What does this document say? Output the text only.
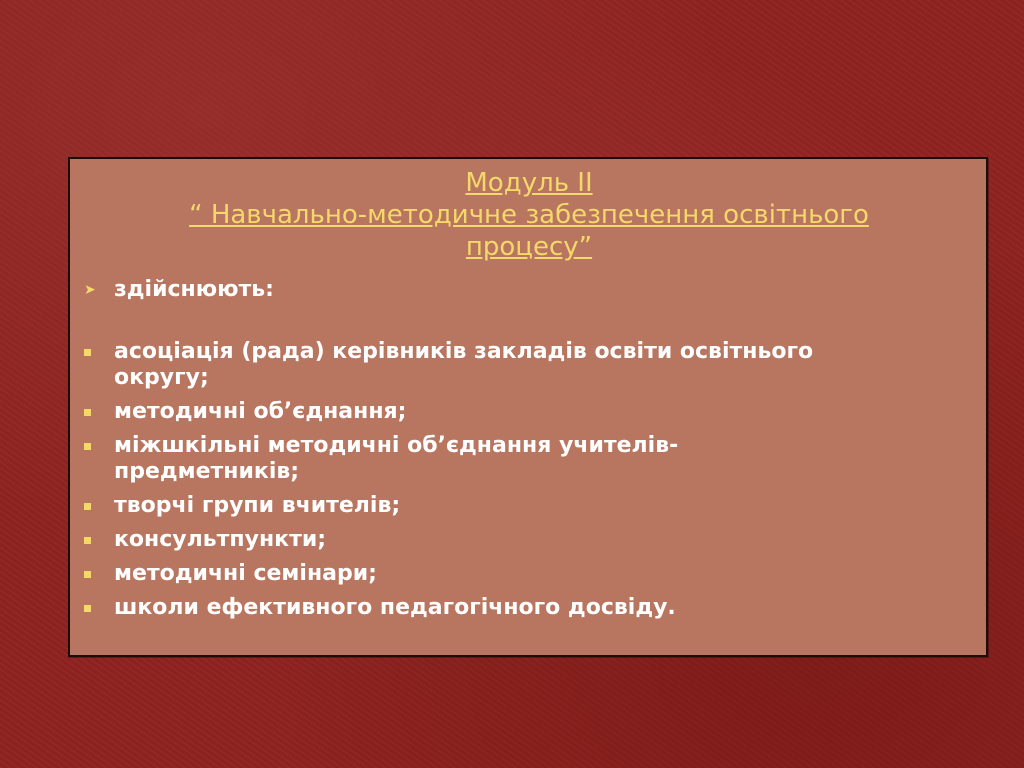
Модуль ІІ
“ Навчально-методичне забезпечення освітнього
процесу”
➤ здійснюють:
асоціація (рада) керівників закладів освіти освітнього
округу;
методичні об’єднання;
міжшкільні методичні об’єднання учителів-
предметників;
творчі групи вчителів;
консультпункти;
методичні семінари;
школи ефективного педагогічного досвіду.
